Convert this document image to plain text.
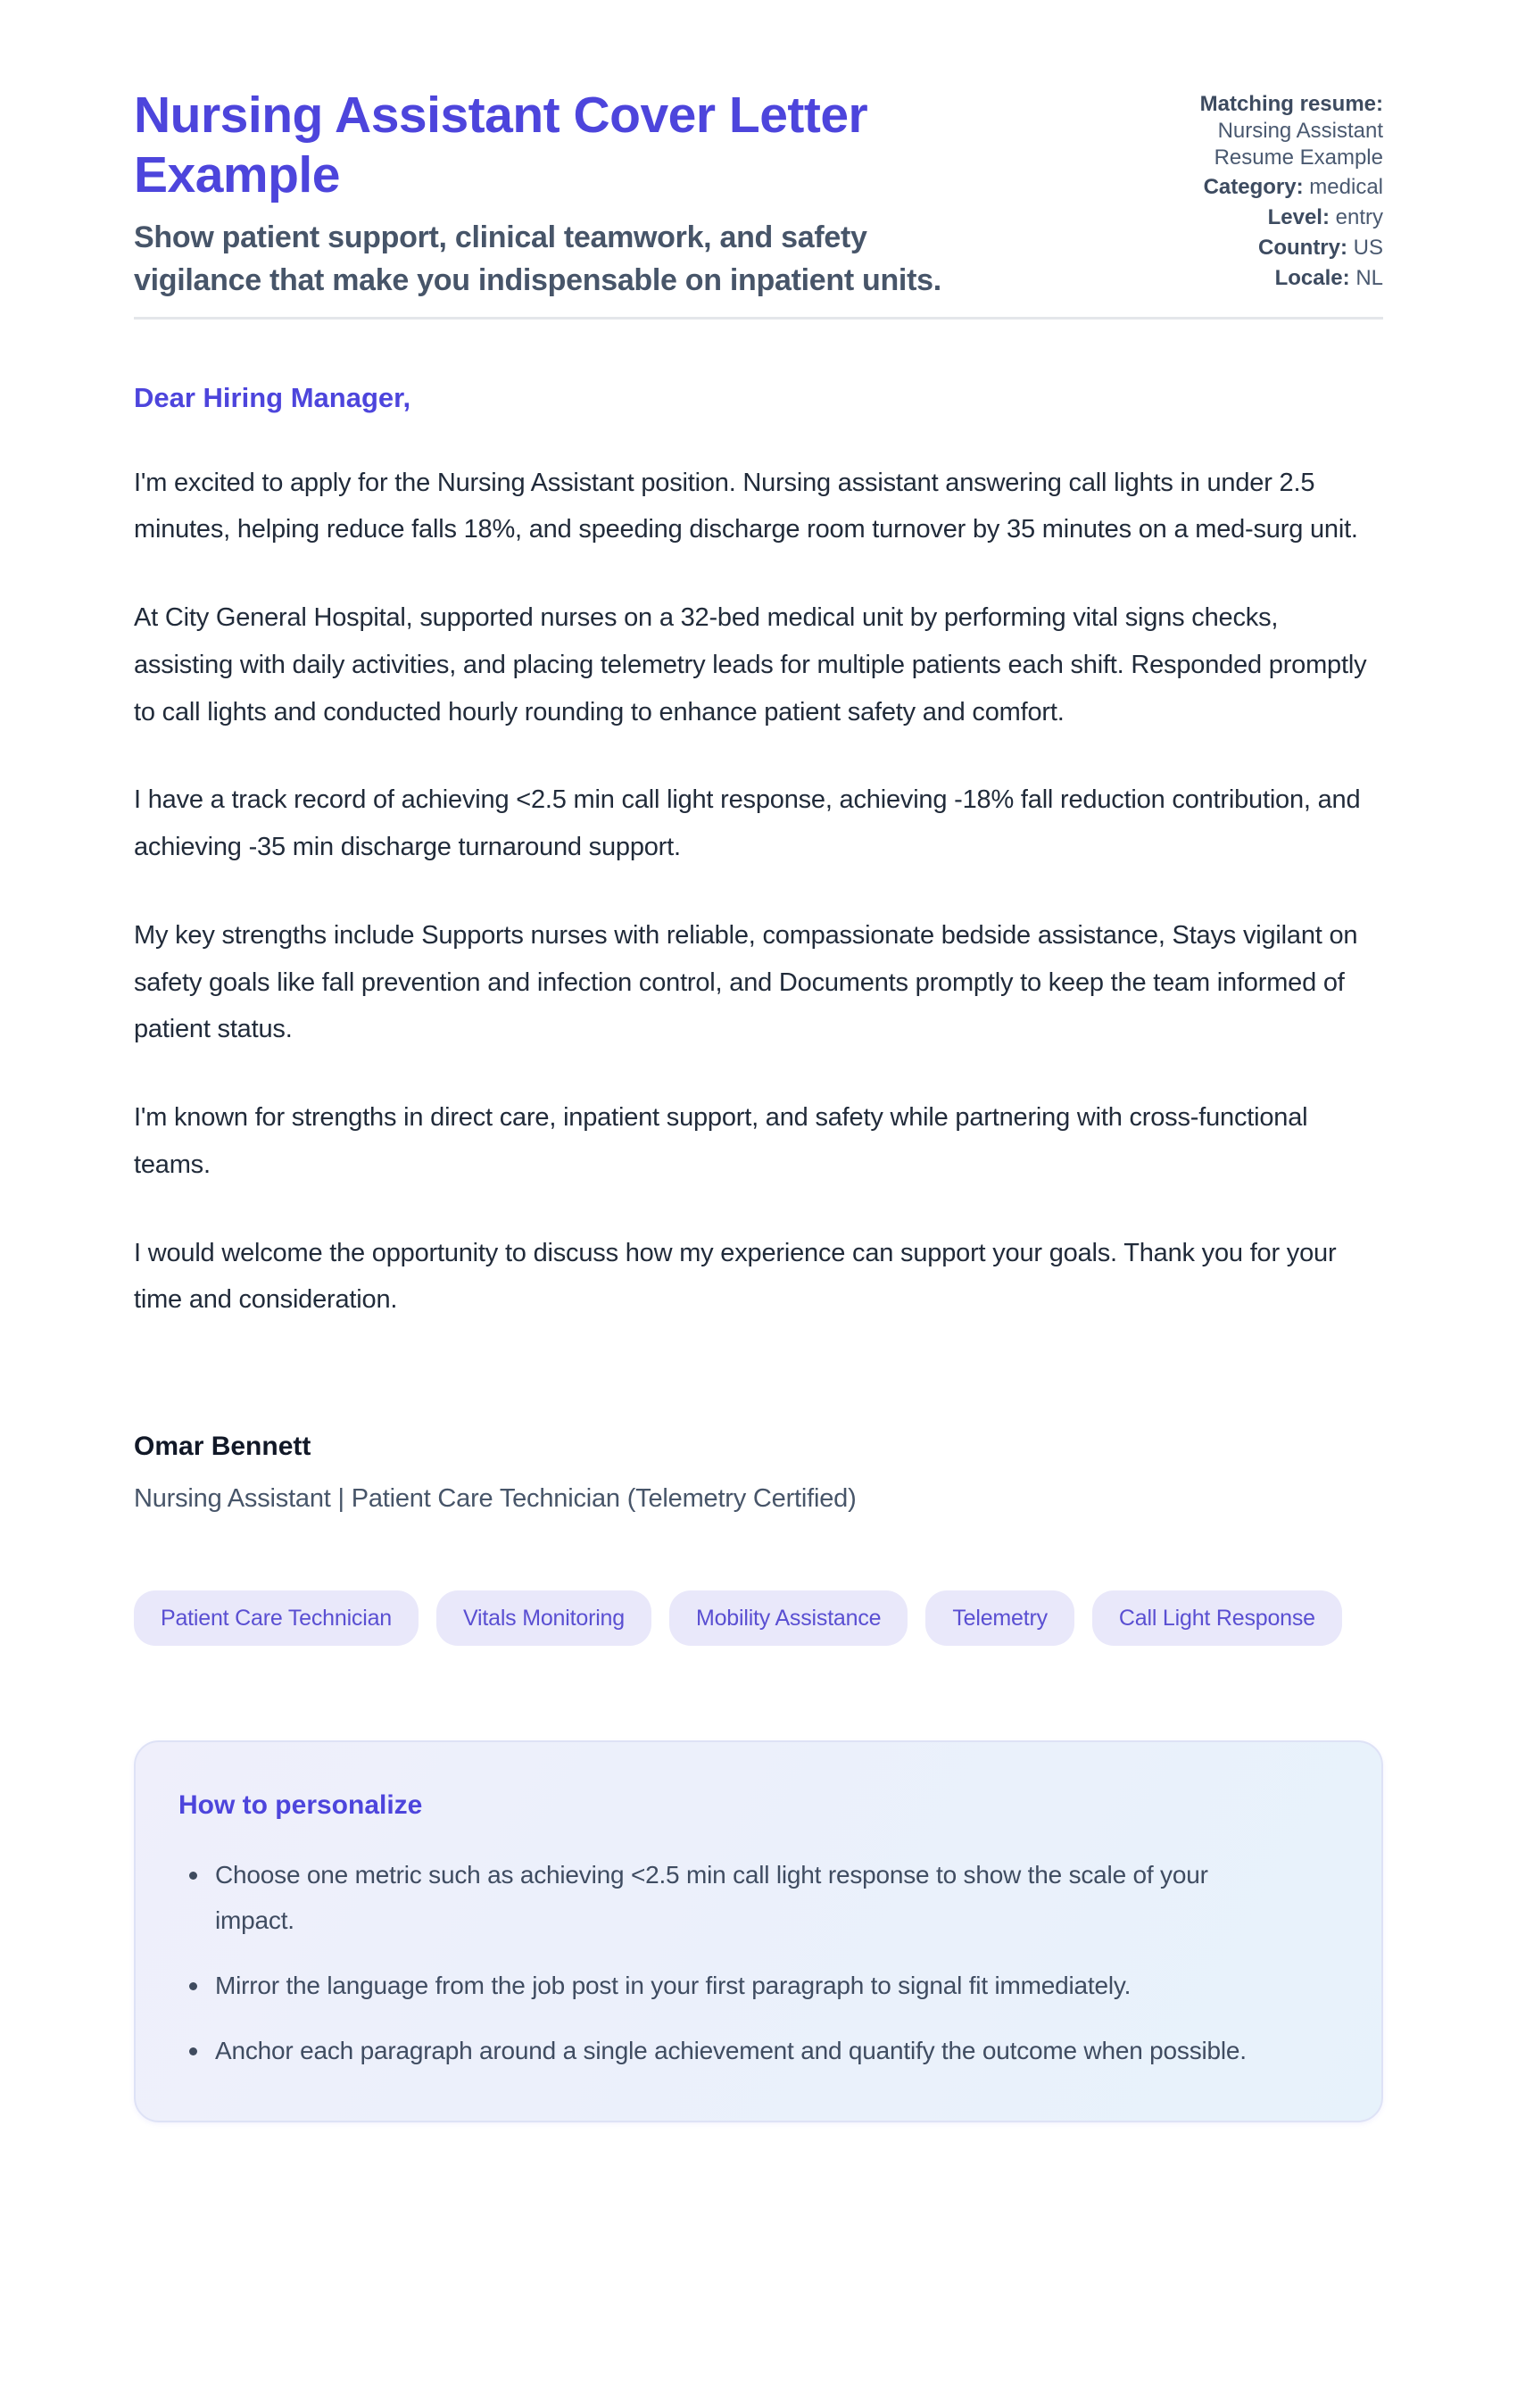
Nursing Assistant Cover Letter Example

Show patient support, clinical teamwork, and safety vigilance that make you indispensable on inpatient units.

Matching resume: Nursing Assistant Resume Example
Category: medical
Level: entry
Country: US
Locale: NL

Dear Hiring Manager,

I'm excited to apply for the Nursing Assistant position. Nursing assistant answering call lights in under 2.5 minutes, helping reduce falls 18%, and speeding discharge room turnover by 35 minutes on a med-surg unit.

At City General Hospital, supported nurses on a 32-bed medical unit by performing vital signs checks, assisting with daily activities, and placing telemetry leads for multiple patients each shift. Responded promptly to call lights and conducted hourly rounding to enhance patient safety and comfort.

I have a track record of achieving <2.5 min call light response, achieving -18% fall reduction contribution, and achieving -35 min discharge turnaround support.

My key strengths include Supports nurses with reliable, compassionate bedside assistance, Stays vigilant on safety goals like fall prevention and infection control, and Documents promptly to keep the team informed of patient status.

I'm known for strengths in direct care, inpatient support, and safety while partnering with cross-functional teams.

I would welcome the opportunity to discuss how my experience can support your goals. Thank you for your time and consideration.

Omar Bennett

Nursing Assistant | Patient Care Technician (Telemetry Certified)

Patient Care Technician	Vitals Monitoring	Mobility Assistance	Telemetry	Call Light Response
How to personalize
Choose one metric such as achieving <2.5 min call light response to show the scale of your impact.
Mirror the language from the job post in your first paragraph to signal fit immediately.
Anchor each paragraph around a single achievement and quantify the outcome when possible.
